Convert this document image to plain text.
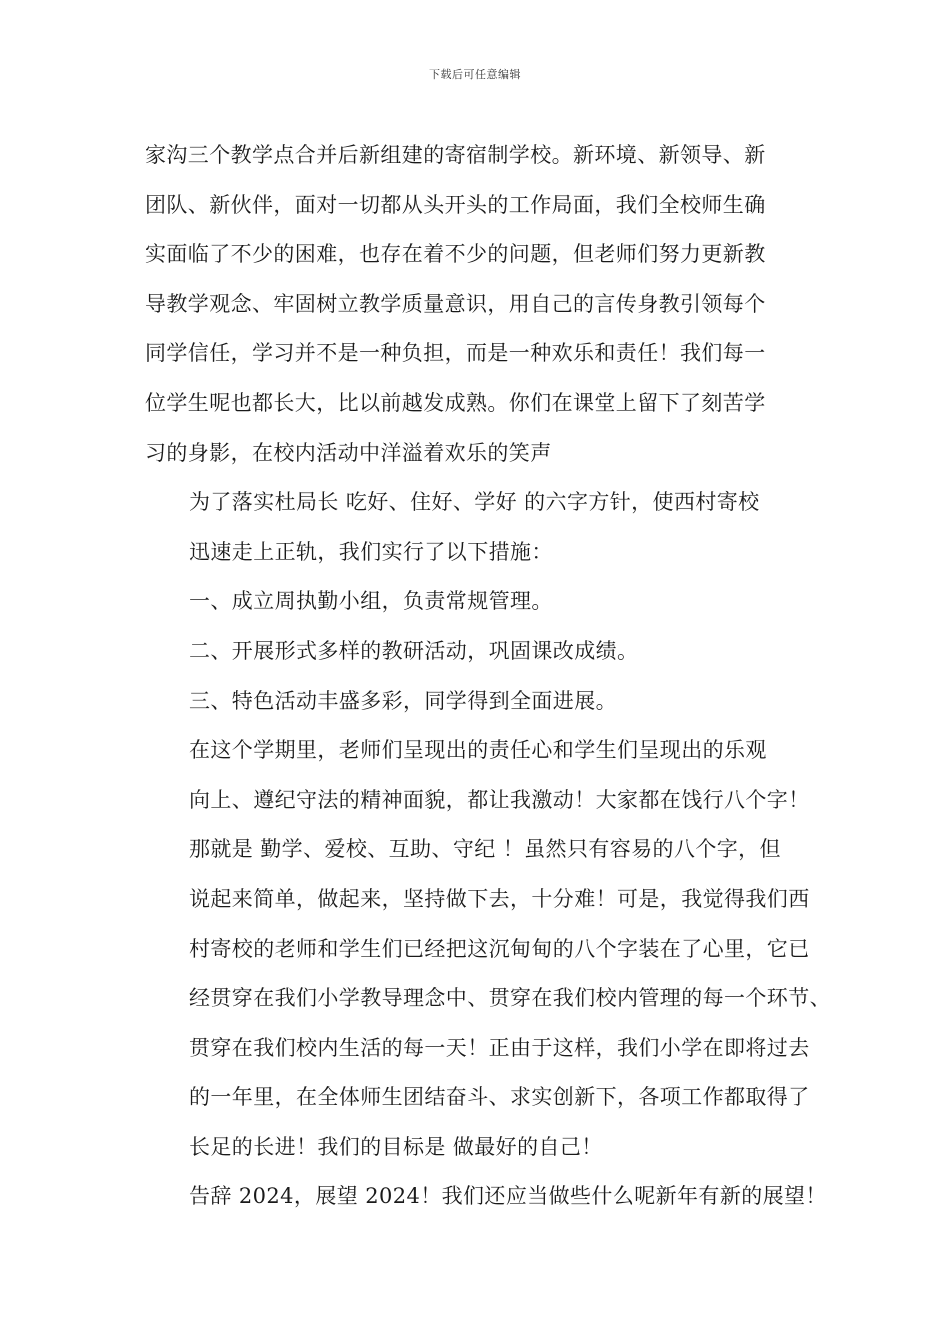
下载后可任意编辑

家沟三个教学点合并后新组建的寄宿制学校。新环境、新领导、新
团队、新伙伴，面对一切都从头开头的工作局面，我们全校师生确
实面临了不少的困难，也存在着不少的问题，但老师们努力更新教
导教学观念、牢固树立教学质量意识，用自己的言传身教引领每个
同学信任，学习并不是一种负担，而是一种欢乐和责任！我们每一
位学生呢也都长大，比以前越发成熟。你们在课堂上留下了刻苦学
习的身影，在校内活动中洋溢着欢乐的笑声

为了落实杜局长 吃好、住好、学好 的六字方针，使西村寄校
迅速走上正轨，我们实行了以下措施：

一、成立周执勤小组，负责常规管理。

二、开展形式多样的教研活动，巩固课改成绩。

三、特色活动丰盛多彩，同学得到全面进展。

在这个学期里，老师们呈现出的责任心和学生们呈现出的乐观
向上、遵纪守法的精神面貌，都让我激动！大家都在饯行八个字！
那就是 勤学、爱校、互助、守纪 ！虽然只有容易的八个字，但
说起来简单，做起来，坚持做下去，十分难！可是，我觉得我们西
村寄校的老师和学生们已经把这沉甸甸的八个字装在了心里，它已
经贯穿在我们小学教导理念中、贯穿在我们校内管理的每一个环节、
贯穿在我们校内生活的每一天！正由于这样，我们小学在即将过去
的一年里，在全体师生团结奋斗、求实创新下，各项工作都取得了
长足的长进！我们的目标是 做最好的自己！

告辞 2024，展望 2024！我们还应当做些什么呢新年有新的展望！
